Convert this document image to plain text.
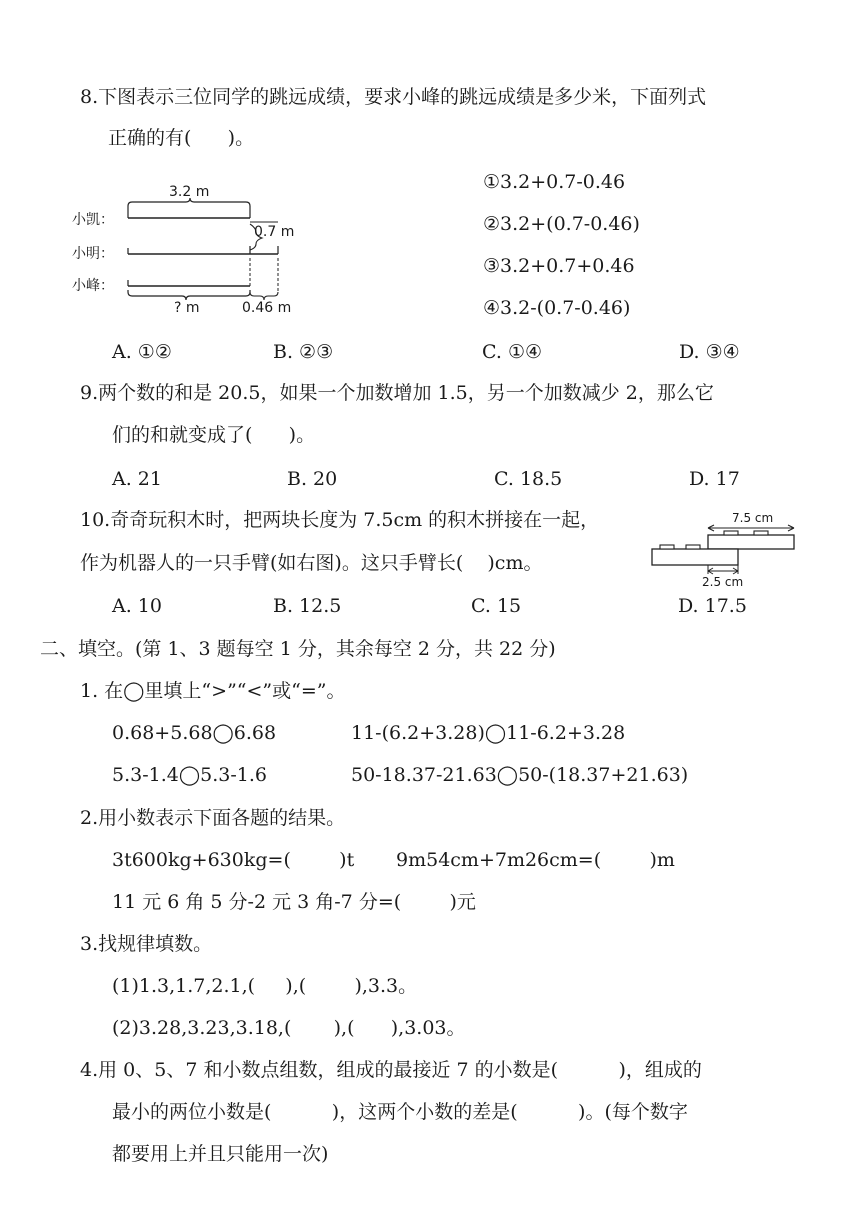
8.下图表示三位同学的跳远成绩，要求小峰的跳远成绩是多少米，下面列式
正确的有(      )。
小凯：
小明：
小峰：
3.2 m
0.7 m
? m	0.46 m
①3.2+0.7-0.46
②3.2+(0.7-0.46)
③3.2+0.7+0.46
④3.2-(0.7-0.46)
A. ①②	B. ②③	C. ①④	D. ③④
9.两个数的和是 20.5，如果一个加数增加 1.5，另一个加数减少 2，那么它
们的和就变成了(      )。
A. 21	B. 20	C. 18.5	D. 17
10.奇奇玩积木时，把两块长度为 7.5cm 的积木拼接在一起，
作为机器人的一只手臂(如右图)。这只手臂长(    )cm。
7.5 cm
2.5 cm
A. 10	B. 12.5	C. 15	D. 17.5
二、填空。(第 1、3 题每空 1 分，其余每空 2 分，共 22 分)
1. 在◯里填上“>”“<”或“=”。
0.68+5.68◯6.68	11-(6.2+3.28)◯11-6.2+3.28
5.3-1.4◯5.3-1.6	50-18.37-21.63◯50-(18.37+21.63)
2.用小数表示下面各题的结果。
3t600kg+630kg=(        )t 9m54cm+7m26cm=(        )m
11 元 6 角 5 分-2 元 3 角-7 分=(        )元
3.找规律填数。
(1)1.3,1.7,2.1,(     ),(        ),3.3。
(2)3.28,3.23,3.18,(       ),(      ),3.03。
4.用 0、5、7 和小数点组数，组成的最接近 7 的小数是(          )，组成的
最小的两位小数是(          )，这两个小数的差是(          )。(每个数字
都要用上并且只能用一次)
